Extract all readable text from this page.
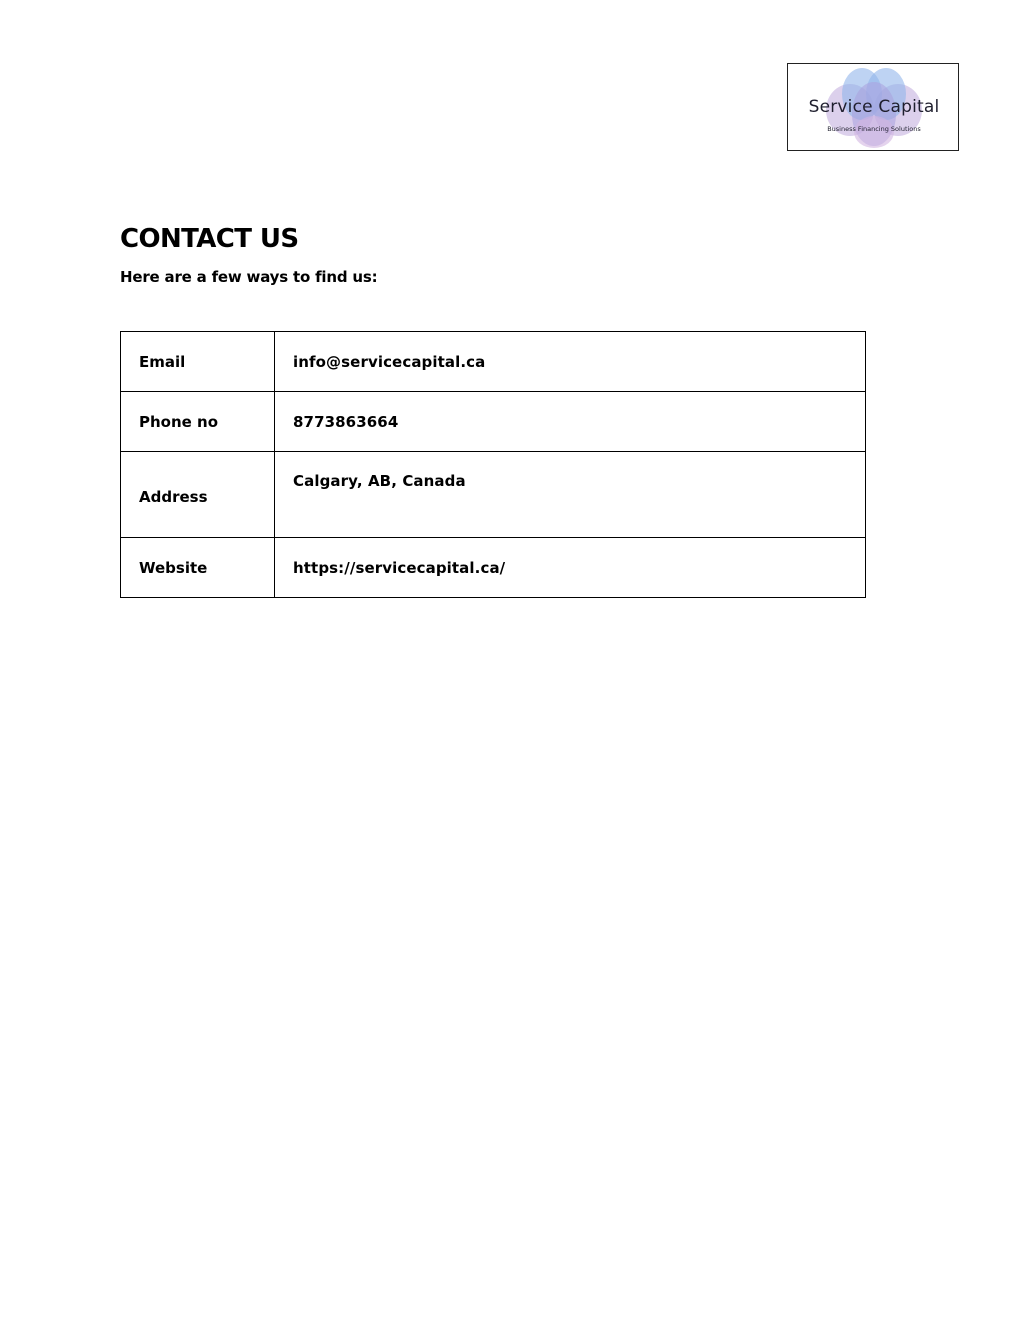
Service Capital
Business Financing Solutions
CONTACT US

Here are a few ways to find us:

Email	info@servicecapital.ca
Phone no	8773863664
Address	Calgary, AB, Canada
Website	https://servicecapital.ca/
